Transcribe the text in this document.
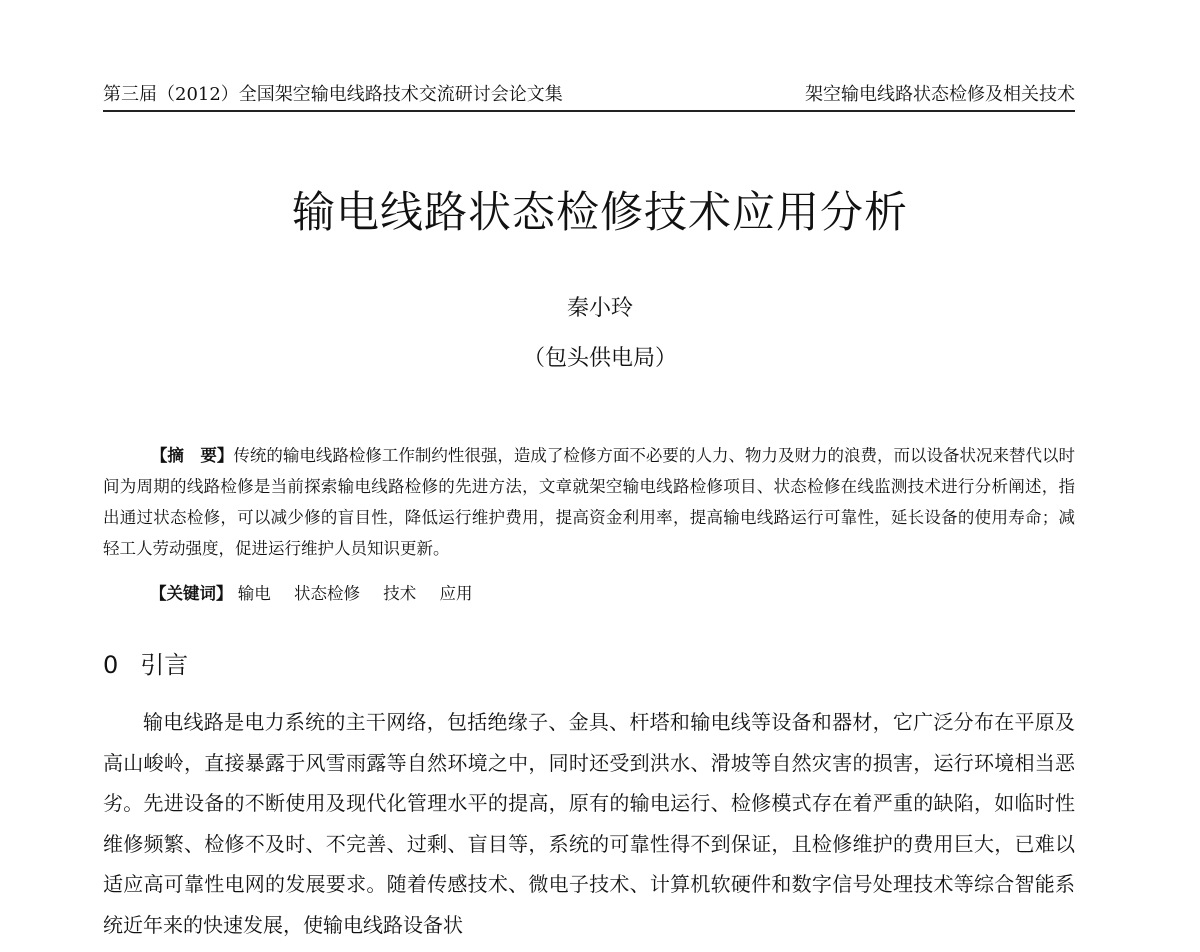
第三届（2012）全国架空输电线路技术交流研讨会论文集	架空输电线路状态检修及相关技术
输电线路状态检修技术应用分析
秦小玲
（包头供电局）

【摘　要】传统的输电线路检修工作制约性很强，造成了检修方面不必要的人力、物力及财力的浪费，而以设备状况来替代以时间为周期的线路检修是当前探索输电线路检修的先进方法，文章就架空输电线路检修项目、状态检修在线监测技术进行分析阐述，指出通过状态检修，可以减少修的盲目性，降低运行维护费用，提高资金利用率，提高输电线路运行可靠性，延长设备的使用寿命；减轻工人劳动强度，促进运行维护人员知识更新。

【关键词】 输电 状态检修 技术 应用
0 引言

输电线路是电力系统的主干网络，包括绝缘子、金具、杆塔和输电线等设备和器材，它广泛分布在平原及高山峻岭，直接暴露于风雪雨露等自然环境之中，同时还受到洪水、滑坡等自然灾害的损害，运行环境相当恶劣。先进设备的不断使用及现代化管理水平的提高，原有的输电运行、检修模式存在着严重的缺陷，如临时性维修频繁、检修不及时、不完善、过剩、盲目等，系统的可靠性得不到保证，且检修维护的费用巨大，已难以适应高可靠性电网的发展要求。随着传感技术、微电子技术、计算机软硬件和数字信号处理技术等综合智能系统近年来的快速发展，使输电线路设备状
